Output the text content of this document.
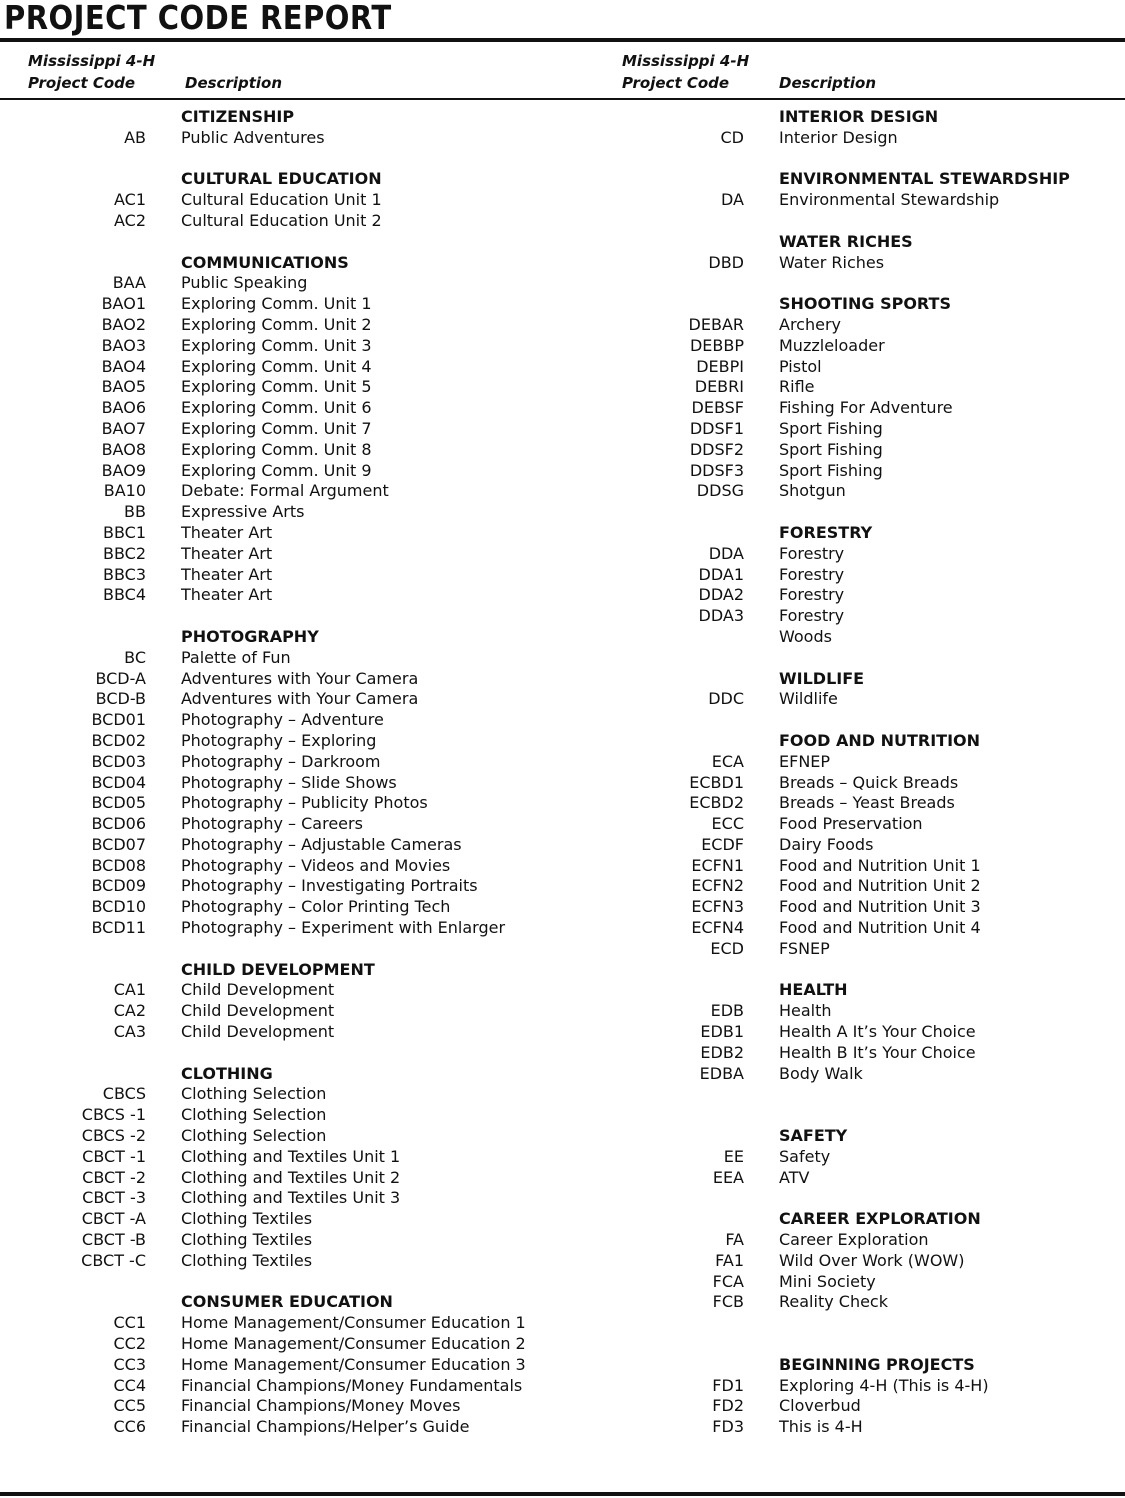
PROJECT CODE REPORT
Mississippi 4-H
Project Code	Description
Mississippi 4-H
Project Code	Description
CITIZENSHIP
AB Public Adventures
CULTURAL EDUCATION
AC1 Cultural Education Unit 1
AC2 Cultural Education Unit 2
COMMUNICATIONS
BAA Public Speaking
BAO1 Exploring Comm. Unit 1
BAO2 Exploring Comm. Unit 2
BAO3 Exploring Comm. Unit 3
BAO4 Exploring Comm. Unit 4
BAO5 Exploring Comm. Unit 5
BAO6 Exploring Comm. Unit 6
BAO7 Exploring Comm. Unit 7
BAO8 Exploring Comm. Unit 8
BAO9 Exploring Comm. Unit 9
BA10 Debate: Formal Argument
BB Expressive Arts
BBC1 Theater Art
BBC2 Theater Art
BBC3 Theater Art
BBC4 Theater Art
PHOTOGRAPHY
BC Palette of Fun
BCD-A Adventures with Your Camera
BCD-B Adventures with Your Camera
BCD01 Photography – Adventure
BCD02 Photography – Exploring
BCD03 Photography – Darkroom
BCD04 Photography – Slide Shows
BCD05 Photography – Publicity Photos
BCD06 Photography – Careers
BCD07 Photography – Adjustable Cameras
BCD08 Photography – Videos and Movies
BCD09 Photography – Investigating Portraits
BCD10 Photography – Color Printing Tech
BCD11 Photography – Experiment with Enlarger
CHILD DEVELOPMENT
CA1 Child Development
CA2 Child Development
CA3 Child Development
CLOTHING
CBCS Clothing Selection
CBCS -1 Clothing Selection
CBCS -2 Clothing Selection
CBCT -1 Clothing and Textiles Unit 1
CBCT -2 Clothing and Textiles Unit 2
CBCT -3 Clothing and Textiles Unit 3
CBCT -A Clothing Textiles
CBCT -B Clothing Textiles
CBCT -C Clothing Textiles
CONSUMER EDUCATION
CC1 Home Management/Consumer Education 1
CC2 Home Management/Consumer Education 2
CC3 Home Management/Consumer Education 3
CC4 Financial Champions/Money Fundamentals
CC5 Financial Champions/Money Moves
CC6 Financial Champions/Helper’s Guide
INTERIOR DESIGN
CD Interior Design
ENVIRONMENTAL STEWARDSHIP
DA Environmental Stewardship
WATER RICHES
DBD Water Riches
SHOOTING SPORTS
DEBAR Archery
DEBBP Muzzleloader
DEBPI Pistol
DEBRI Rifle
DEBSF Fishing For Adventure
DDSF1 Sport Fishing
DDSF2 Sport Fishing
DDSF3 Sport Fishing
DDSG Shotgun
FORESTRY
DDA Forestry
DDA1 Forestry
DDA2 Forestry
DDA3 Forestry
Woods
WILDLIFE
DDC Wildlife
FOOD AND NUTRITION
ECA EFNEP
ECBD1 Breads – Quick Breads
ECBD2 Breads – Yeast Breads
ECC Food Preservation
ECDF Dairy Foods
ECFN1 Food and Nutrition Unit 1
ECFN2 Food and Nutrition Unit 2
ECFN3 Food and Nutrition Unit 3
ECFN4 Food and Nutrition Unit 4
ECD FSNEP
HEALTH
EDB Health
EDB1 Health A It’s Your Choice
EDB2 Health B It’s Your Choice
EDBA Body Walk
SAFETY
EE Safety
EEA ATV
CAREER EXPLORATION
FA Career Exploration
FA1 Wild Over Work (WOW)
FCA Mini Society
FCB Reality Check
BEGINNING PROJECTS
FD1 Exploring 4-H (This is 4-H)
FD2 Cloverbud
FD3 This is 4-H
